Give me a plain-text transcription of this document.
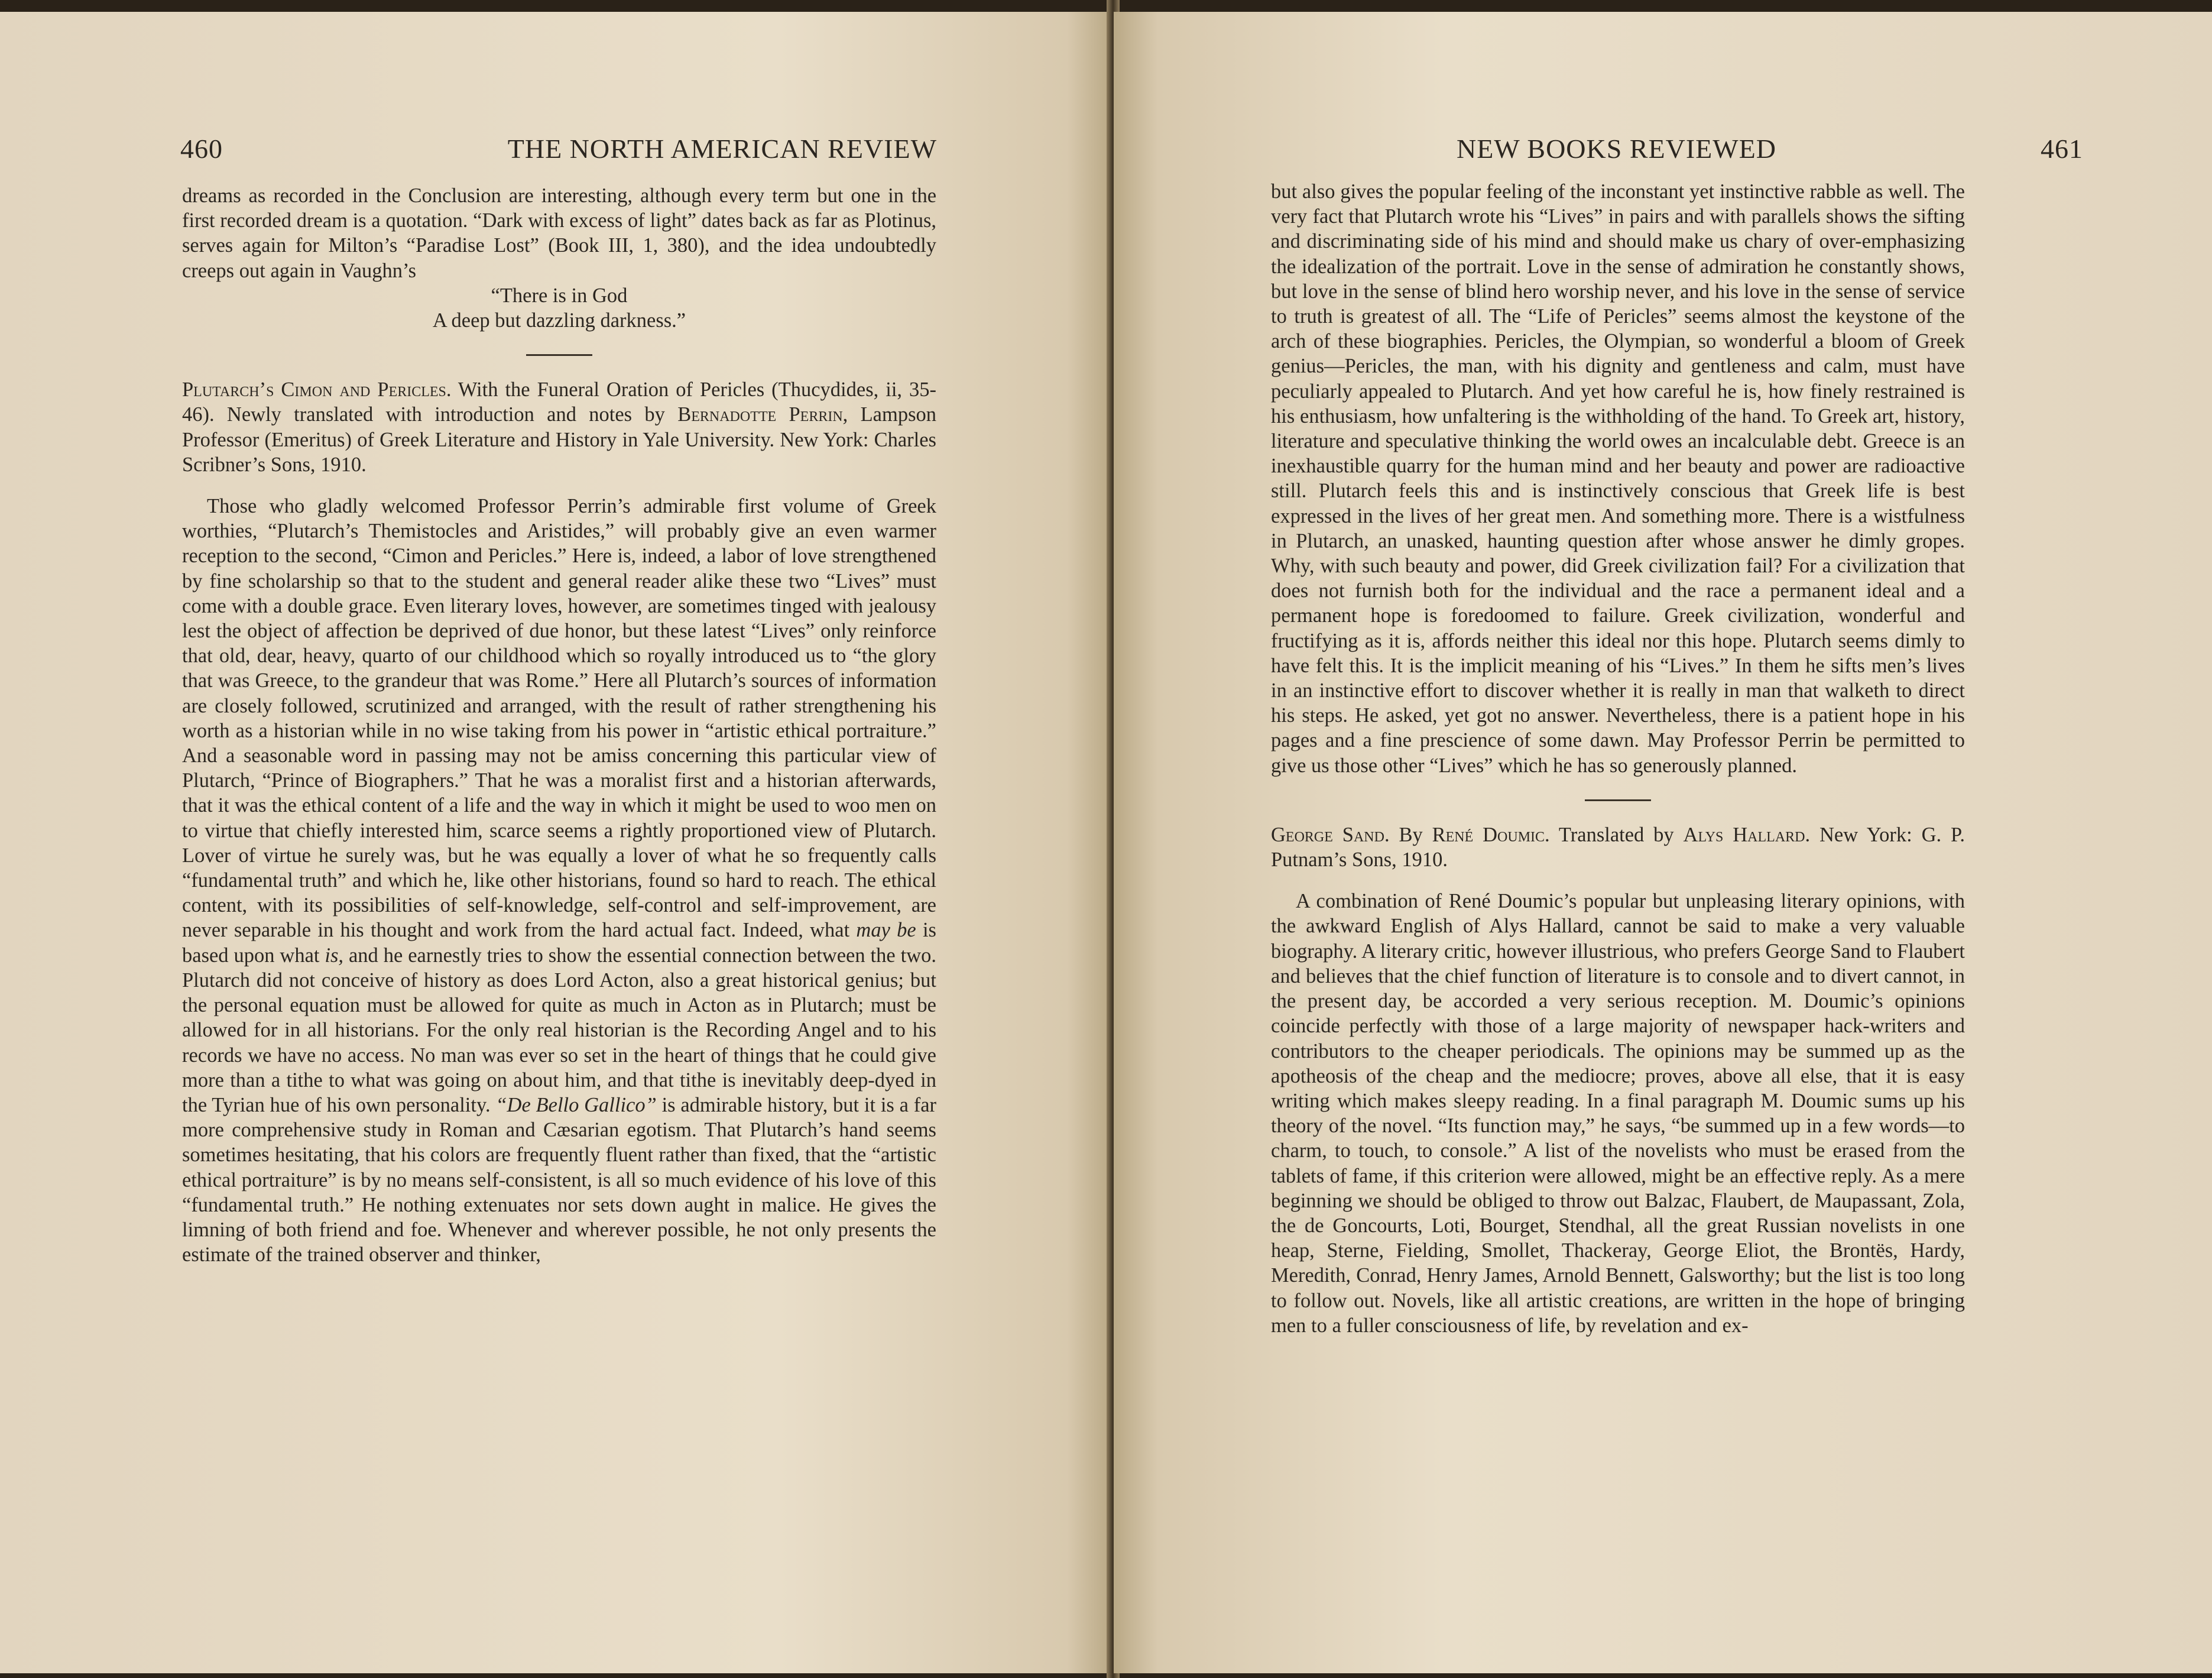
460	THE NORTH AMERICAN REVIEW

dreams as recorded in the Conclusion are interesting, although every term but one in the first recorded dream is a quotation. “Dark with excess of light” dates back as far as Plotinus, serves again for Milton’s “Paradise Lost” (Book III, 1, 380), and the idea undoubtedly creeps out again in Vaughn’s

“There is in God

A deep but dazzling darkness.”

Plutarch’s Cimon and Pericles. With the Funeral Oration of Pericles (Thucydides, ii, 35-46). Newly translated with introduction and notes by Bernadotte Perrin, Lampson Professor (Emeritus) of Greek Literature and History in Yale University. New York: Charles Scribner’s Sons, 1910.

Those who gladly welcomed Professor Perrin’s admirable first volume of Greek worthies, “Plutarch’s Themistocles and Aristides,” will probably give an even warmer reception to the second, “Cimon and Pericles.” Here is, indeed, a labor of love strengthened by fine scholarship so that to the student and general reader alike these two “Lives” must come with a double grace. Even literary loves, however, are sometimes tinged with jealousy lest the object of affection be deprived of due honor, but these latest “Lives” only reinforce that old, dear, heavy, quarto of our childhood which so royally introduced us to “the glory that was Greece, to the grandeur that was Rome.” Here all Plutarch’s sources of information are closely followed, scrutinized and arranged, with the result of rather strengthening his worth as a historian while in no wise taking from his power in “artistic ethical portraiture.” And a seasonable word in passing may not be amiss concerning this particular view of Plutarch, “Prince of Biographers.” That he was a moralist first and a historian afterwards, that it was the ethical content of a life and the way in which it might be used to woo men on to virtue that chiefly interested him, scarce seems a rightly proportioned view of Plutarch. Lover of virtue he surely was, but he was equally a lover of what he so frequently calls “fundamental truth” and which he, like other historians, found so hard to reach. The ethical content, with its possibilities of self-knowledge, self-control and self-improvement, are never separable in his thought and work from the hard actual fact. Indeed, what may be is based upon what is, and he earnestly tries to show the essential connection between the two. Plutarch did not conceive of history as does Lord Acton, also a great historical genius; but the personal equation must be allowed for quite as much in Acton as in Plutarch; must be allowed for in all historians. For the only real historian is the Recording Angel and to his records we have no access. No man was ever so set in the heart of things that he could give more than a tithe to what was going on about him, and that tithe is inevitably deep-dyed in the Tyrian hue of his own personality. “De Bello Gallico” is admirable history, but it is a far more comprehensive study in Roman and Cæsarian egotism. That Plutarch’s hand seems sometimes hesitating, that his colors are frequently fluent rather than fixed, that the “artistic ethical portraiture” is by no means self-consistent, is all so much evidence of his love of this “fundamental truth.” He nothing extenuates nor sets down aught in malice. He gives the limning of both friend and foe. Whenever and wherever possible, he not only presents the estimate of the trained observer and thinker,

NEW BOOKS REVIEWED	461

but also gives the popular feeling of the inconstant yet instinctive rabble as well. The very fact that Plutarch wrote his “Lives” in pairs and with parallels shows the sifting and discriminating side of his mind and should make us chary of over-emphasizing the idealization of the portrait. Love in the sense of admiration he constantly shows, but love in the sense of blind hero worship never, and his love in the sense of service to truth is greatest of all. The “Life of Pericles” seems almost the keystone of the arch of these biographies. Pericles, the Olympian, so wonderful a bloom of Greek genius—Pericles, the man, with his dignity and gentleness and calm, must have peculiarly appealed to Plutarch. And yet how careful he is, how finely restrained is his enthusiasm, how unfaltering is the withholding of the hand. To Greek art, history, literature and speculative thinking the world owes an incalculable debt. Greece is an inexhaustible quarry for the human mind and her beauty and power are radioactive still. Plutarch feels this and is instinctively conscious that Greek life is best expressed in the lives of her great men. And something more. There is a wistfulness in Plutarch, an unasked, haunting question after whose answer he dimly gropes. Why, with such beauty and power, did Greek civilization fail? For a civilization that does not furnish both for the individual and the race a permanent ideal and a permanent hope is foredoomed to failure. Greek civilization, wonderful and fructifying as it is, affords neither this ideal nor this hope. Plutarch seems dimly to have felt this. It is the implicit meaning of his “Lives.” In them he sifts men’s lives in an instinctive effort to discover whether it is really in man that walketh to direct his steps. He asked, yet got no answer. Nevertheless, there is a patient hope in his pages and a fine prescience of some dawn. May Professor Perrin be permitted to give us those other “Lives” which he has so generously planned.

George Sand. By René Doumic. Translated by Alys Hallard. New York: G. P. Putnam’s Sons, 1910.

A combination of René Doumic’s popular but unpleasing literary opinions, with the awkward English of Alys Hallard, cannot be said to make a very valuable biography. A literary critic, however illustrious, who prefers George Sand to Flaubert and believes that the chief function of literature is to console and to divert cannot, in the present day, be accorded a very serious reception. M. Doumic’s opinions coincide perfectly with those of a large majority of newspaper hack-writers and contributors to the cheaper periodicals. The opinions may be summed up as the apotheosis of the cheap and the mediocre; proves, above all else, that it is easy writing which makes sleepy reading. In a final paragraph M. Doumic sums up his theory of the novel. “Its function may,” he says, “be summed up in a few words—to charm, to touch, to console.” A list of the novelists who must be erased from the tablets of fame, if this criterion were allowed, might be an effective reply. As a mere beginning we should be obliged to throw out Balzac, Flaubert, de Maupassant, Zola, the de Goncourts, Loti, Bourget, Stendhal, all the great Russian novelists in one heap, Sterne, Fielding, Smollet, Thackeray, George Eliot, the Brontës, Hardy, Meredith, Conrad, Henry James, Arnold Bennett, Galsworthy; but the list is too long to follow out. Novels, like all artistic creations, are written in the hope of bringing men to a fuller consciousness of life, by revelation and ex-
